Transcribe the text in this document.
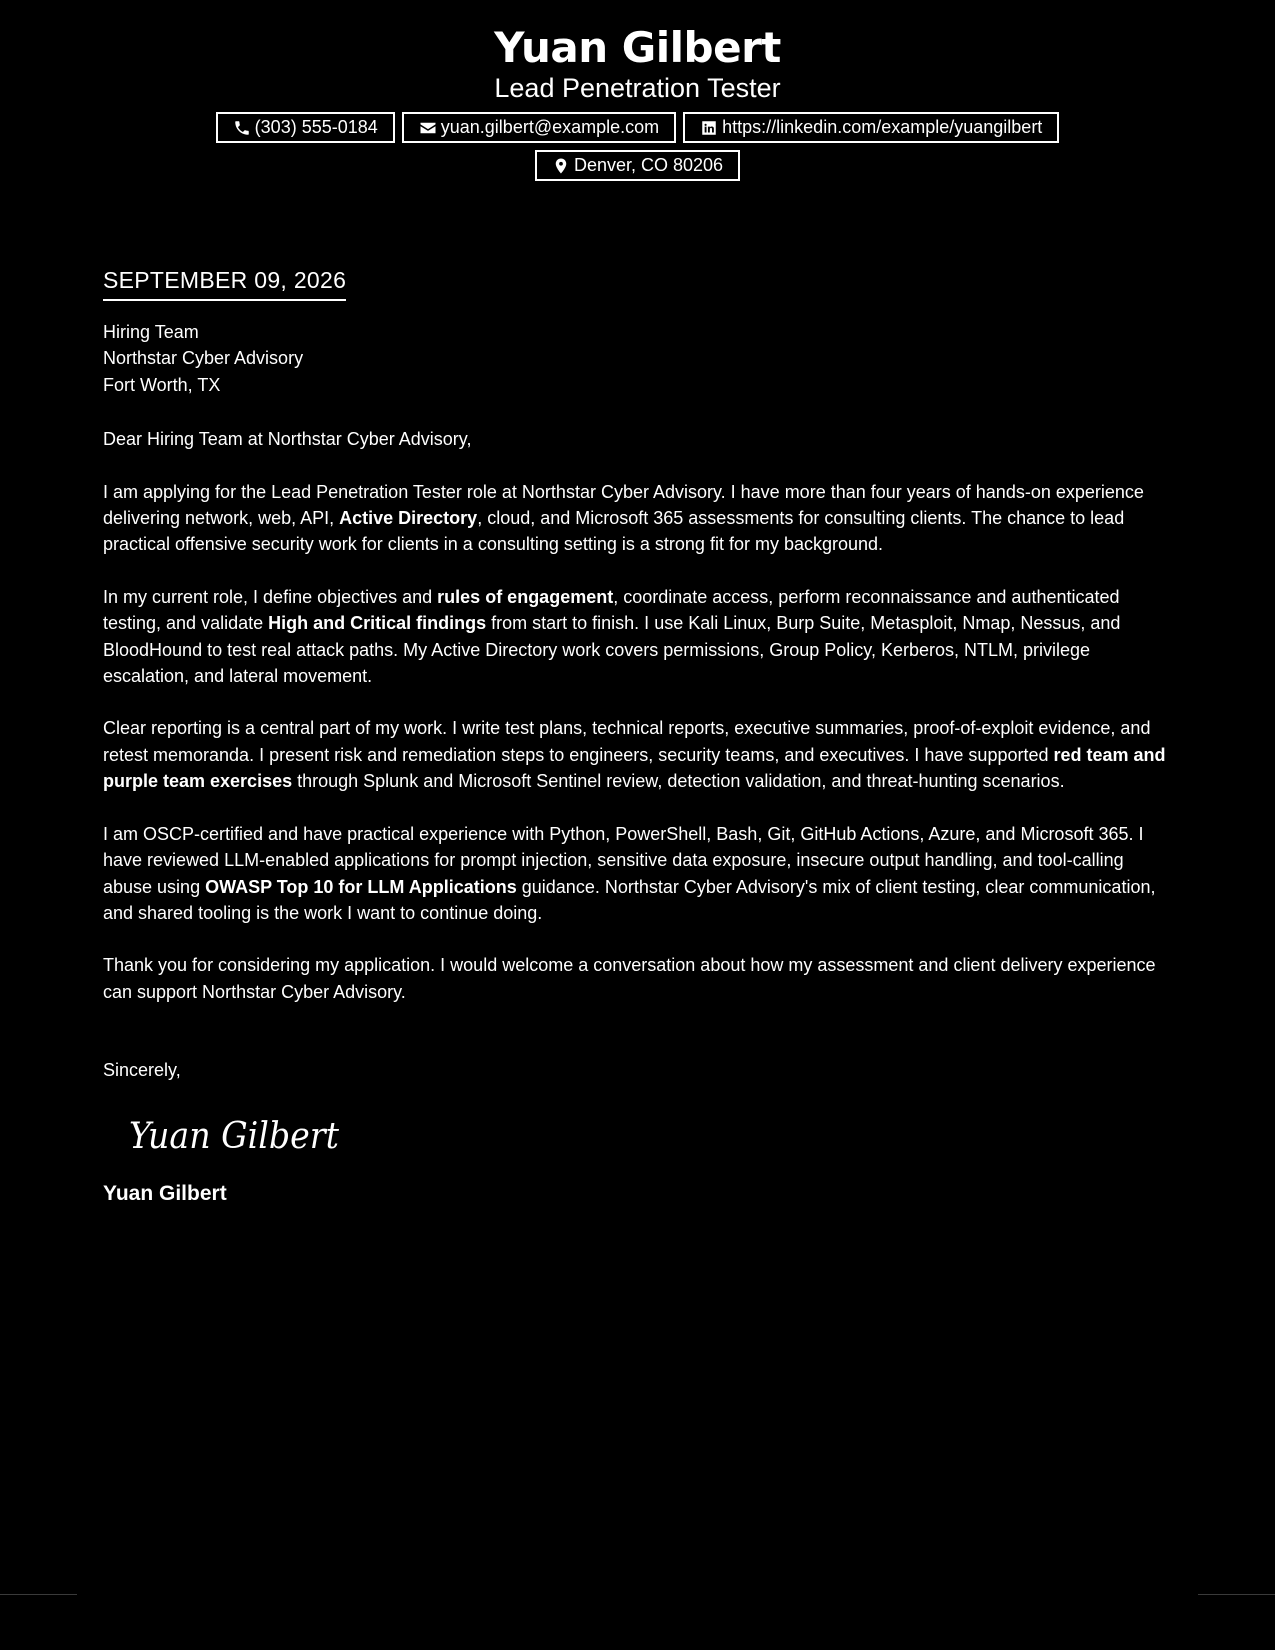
Yuan Gilbert
Lead Penetration Tester
(303) 555-0184	yuan.gilbert@example.com	https://linkedin.com/example/yuangilbert
Denver, CO 80206
SEPTEMBER 09, 2026
Hiring Team
Northstar Cyber Advisory
Fort Worth, TX
Dear Hiring Team at Northstar Cyber Advisory,
I am applying for the Lead Penetration Tester role at Northstar Cyber Advisory. I have more than four years of hands-on experience delivering network, web, API, Active Directory, cloud, and Microsoft 365 assessments for consulting clients. The chance to lead practical offensive security work for clients in a consulting setting is a strong fit for my background.
In my current role, I define objectives and rules of engagement, coordinate access, perform reconnaissance and authenticated testing, and validate High and Critical findings from start to finish. I use Kali Linux, Burp Suite, Metasploit, Nmap, Nessus, and BloodHound to test real attack paths. My Active Directory work covers permissions, Group Policy, Kerberos, NTLM, privilege escalation, and lateral movement.
Clear reporting is a central part of my work. I write test plans, technical reports, executive summaries, proof-of-exploit evidence, and retest memoranda. I present risk and remediation steps to engineers, security teams, and executives. I have supported red team and purple team exercises through Splunk and Microsoft Sentinel review, detection validation, and threat-hunting scenarios.
I am OSCP-certified and have practical experience with Python, PowerShell, Bash, Git, GitHub Actions, Azure, and Microsoft 365. I have reviewed LLM-enabled applications for prompt injection, sensitive data exposure, insecure output handling, and tool-calling abuse using OWASP Top 10 for LLM Applications guidance. Northstar Cyber Advisory's mix of client testing, clear communication, and shared tooling is the work I want to continue doing.
Thank you for considering my application. I would welcome a conversation about how my assessment and client delivery experience can support Northstar Cyber Advisory.
Sincerely,
Yuan Gilbert
Yuan Gilbert
